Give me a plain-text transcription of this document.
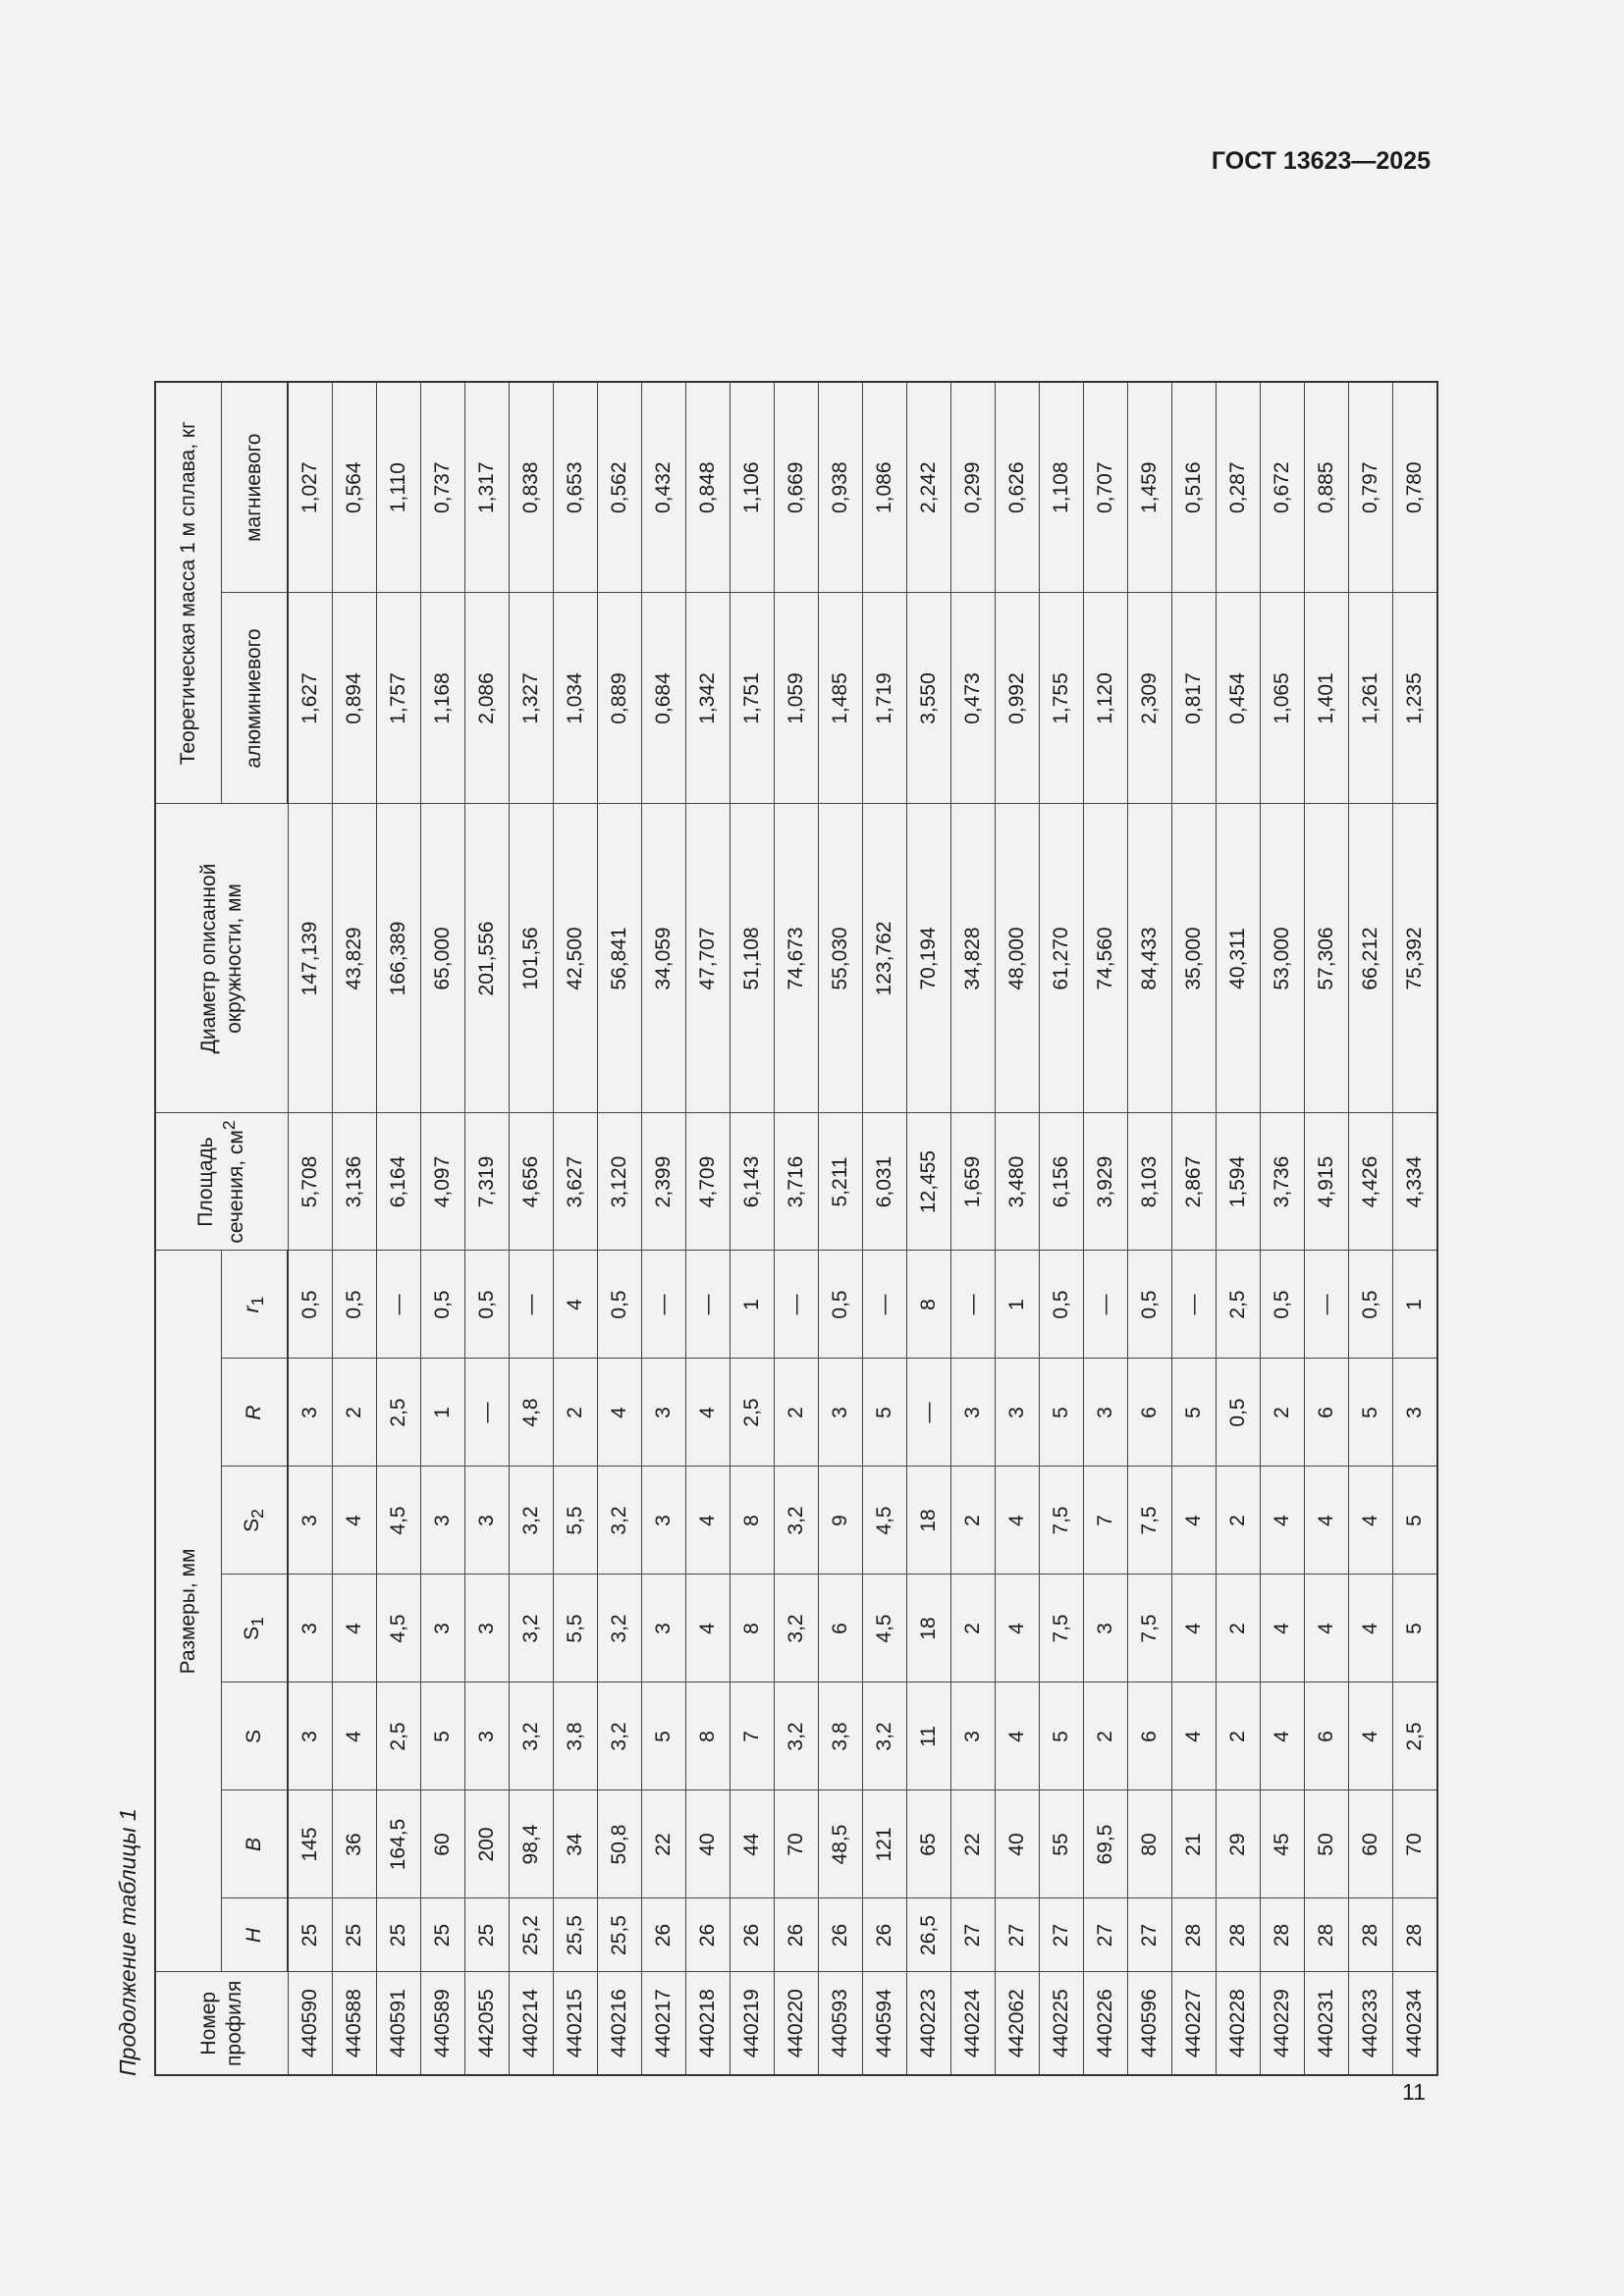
ГОСТ 13623—2025
Продолжение таблицы 1	Номер профиля	Размеры, мм							Площадь сечения, $см^2$	Диаметр описанной окружности, мм	Теоретическая масса 1 м сплава, кг	
	H	B	S	$S_1$	$S_2$	R	$r_1$			алюминиевого	магниевого
440590	25	145	3	3	3	3	0,5	5,708	147,139	1,627	1,027
440588	25	36	4	4	4	2	0,5	3,136	43,829	0,894	0,564
440591	25	164,5	2,5	4,5	4,5	2,5	—	6,164	166,389	1,757	1,110
440589	25	60	5	3	3	1	0,5	4,097	65,000	1,168	0,737
442055	25	200	3	3	3	—	0,5	7,319	201,556	2,086	1,317
440214	25,2	98,4	3,2	3,2	3,2	4,8	—	4,656	101,56	1,327	0,838
440215	25,5	34	3,8	5,5	5,5	2	4	3,627	42,500	1,034	0,653
440216	25,5	50,8	3,2	3,2	3,2	4	0,5	3,120	56,841	0,889	0,562
440217	26	22	5	3	3	3	—	2,399	34,059	0,684	0,432
440218	26	40	8	4	4	4	—	4,709	47,707	1,342	0,848
440219	26	44	7	8	8	2,5	1	6,143	51,108	1,751	1,106
440220	26	70	3,2	3,2	3,2	2	—	3,716	74,673	1,059	0,669
440593	26	48,5	3,8	6	9	3	0,5	5,211	55,030	1,485	0,938
440594	26	121	3,2	4,5	4,5	5	—	6,031	123,762	1,719	1,086
440223	26,5	65	11	18	18	—	8	12,455	70,194	3,550	2,242
440224	27	22	3	2	2	3	—	1,659	34,828	0,473	0,299
442062	27	40	4	4	4	3	1	3,480	48,000	0,992	0,626
440225	27	55	5	7,5	7,5	5	0,5	6,156	61,270	1,755	1,108
440226	27	69,5	2	3	7	3	—	3,929	74,560	1,120	0,707
440596	27	80	6	7,5	7,5	6	0,5	8,103	84,433	2,309	1,459
440227	28	21	4	4	4	5	—	2,867	35,000	0,817	0,516
440228	28	29	2	2	2	0,5	2,5	1,594	40,311	0,454	0,287
440229	28	45	4	4	4	2	0,5	3,736	53,000	1,065	0,672
440231	28	50	6	4	4	6	—	4,915	57,306	1,401	0,885
440233	28	60	4	4	4	5	0,5	4,426	66,212	1,261	0,797
440234	28	70	2,5	5	5	3	1	4,334	75,392	1,235	0,780
11
